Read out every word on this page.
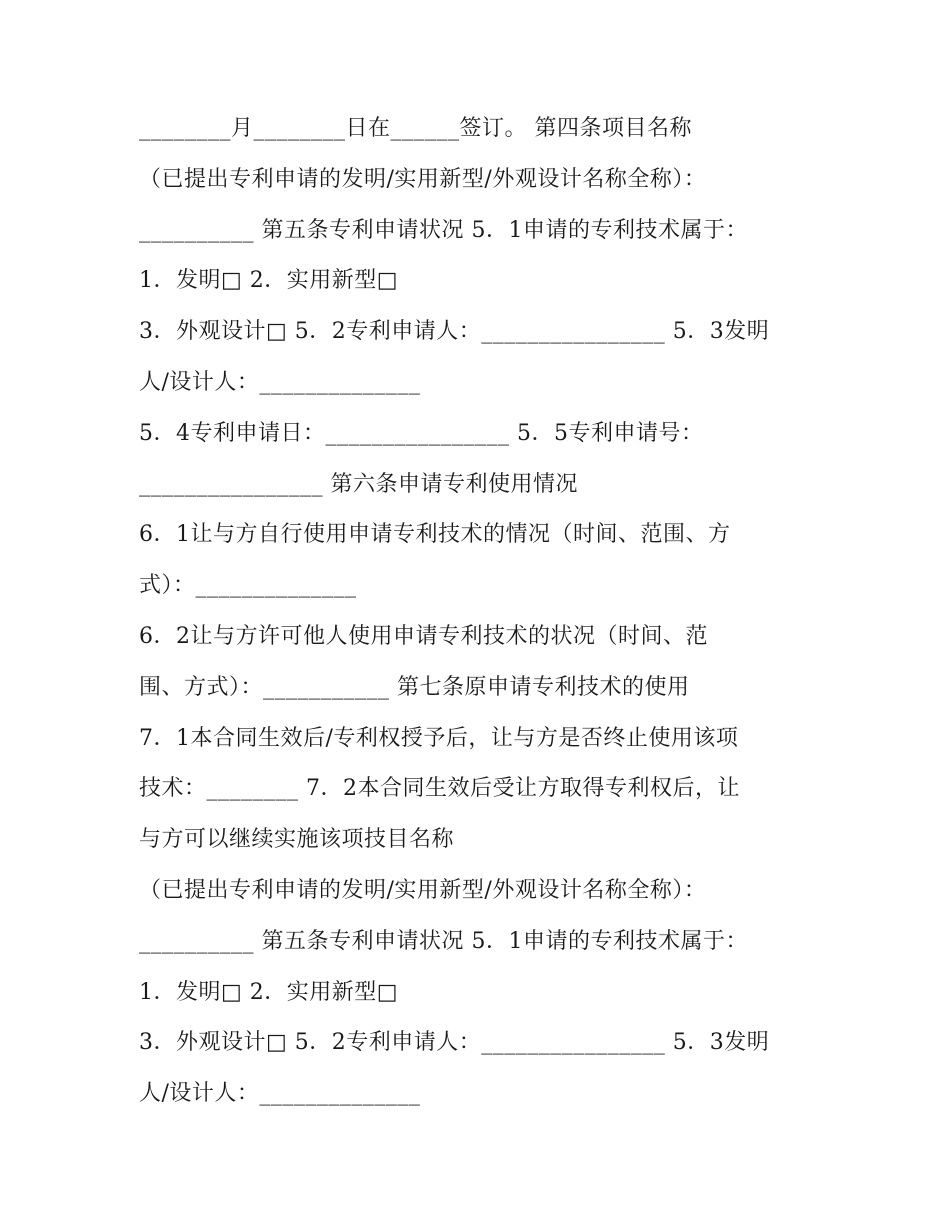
________月________日在______签订。 第四条项目名称
（已提出专利申请的发明/实用新型/外观设计名称全称）：
__________ 第五条专利申请状况 5．1申请的专利技术属于：
1．发明□ 2．实用新型□
3．外观设计□ 5．2专利申请人：________________ 5．3发明
人/设计人：______________
5．4专利申请日：________________ 5．5专利申请号：
________________ 第六条申请专利使用情况
6．1让与方自行使用申请专利技术的情况（时间、范围、方
式）：______________
6．2让与方许可他人使用申请专利技术的状况（时间、范
围、方式）：___________ 第七条原申请专利技术的使用
7．1本合同生效后/专利权授予后，让与方是否终止使用该项
技术：________ 7．2本合同生效后受让方取得专利权后，让
与方可以继续实施该项技目名称
（已提出专利申请的发明/实用新型/外观设计名称全称）：
__________ 第五条专利申请状况 5．1申请的专利技术属于：
1．发明□ 2．实用新型□
3．外观设计□ 5．2专利申请人：________________ 5．3发明
人/设计人：______________
